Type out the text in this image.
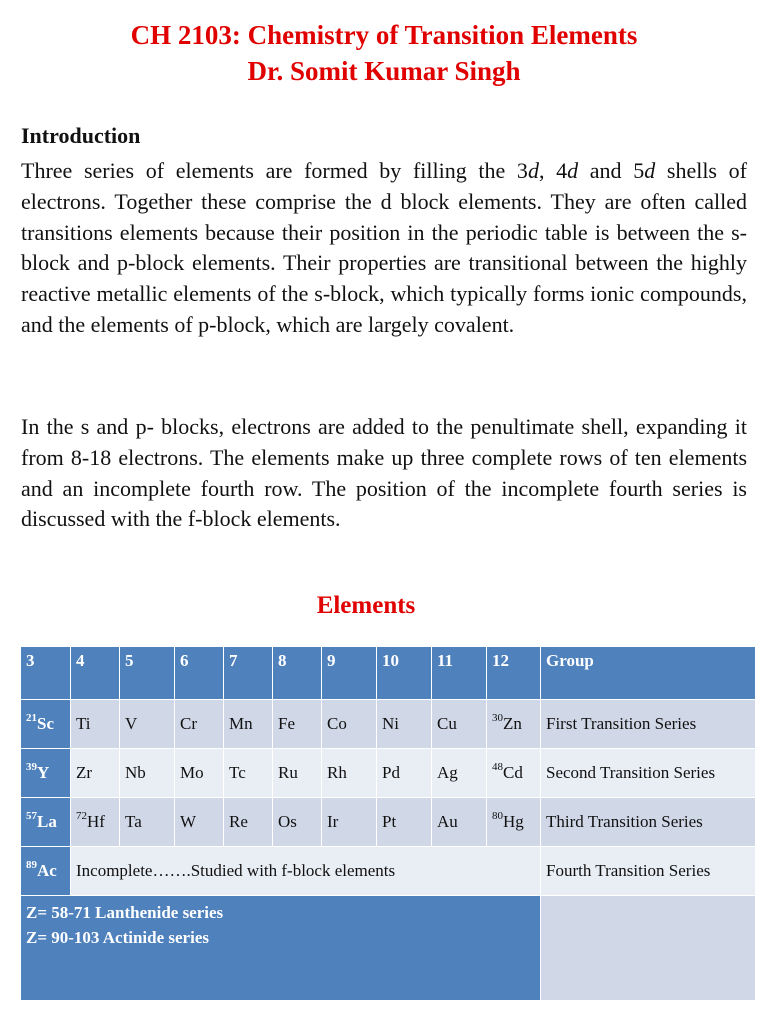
CH 2103: Chemistry of Transition Elements
Dr. Somit Kumar Singh
Introduction

Three series of elements are formed by filling the 3d, 4d and 5d shells of electrons. Together these comprise the d block elements. They are often called transitions elements because their position in the periodic table is between the s-block and p-block elements. Their properties are transitional between the highly reactive metallic elements of the s-block, which typically forms ionic compounds, and the elements of p-block, which are largely covalent.

In the s and p- blocks, electrons are added to the penultimate shell, expanding it from 8-18 electrons. The elements make up three complete rows of ten elements and an incomplete fourth row. The position of the incomplete fourth series is discussed with the f-block elements.

Elements
3	4	5	6	7	8	9	10	11	12	Group
$^{21}$Sc	Ti	V	Cr	Mn	Fe	Co	Ni	Cu	$^{30}$Zn	First Transition Series
$^{39}$Y	Zr	Nb	Mo	Tc	Ru	Rh	Pd	Ag	$^{48}$Cd	Second Transition Series
$^{57}$La	$^{72}$Hf	Ta	W	Re	Os	Ir	Pt	Au	$^{80}$Hg	Third Transition Series
$^{89}$Ac	Incomplete…….Studied with f-block elements									Fourth Transition Series

Z= 58-71 Lanthenide series
Z= 90-103 Actinide series										
